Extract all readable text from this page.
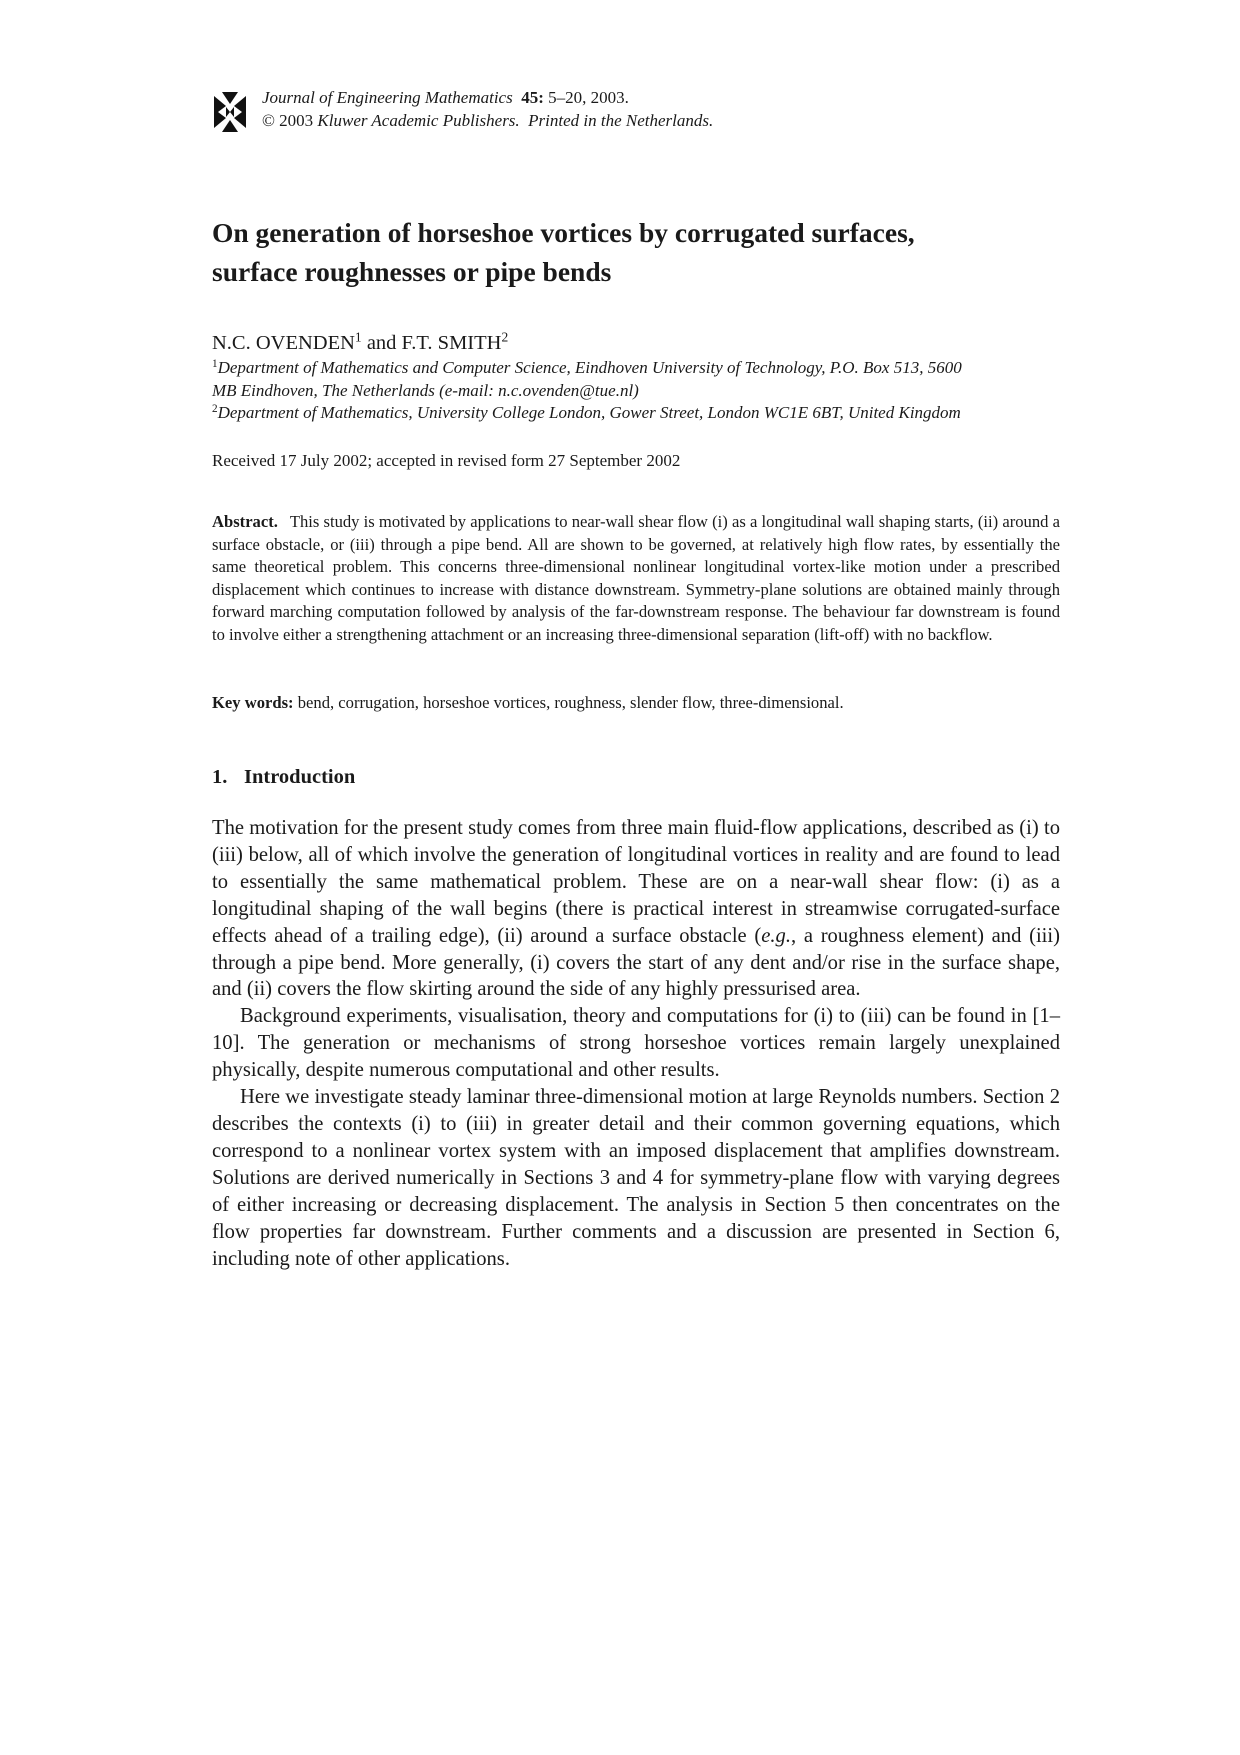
Journal of Engineering Mathematics 45: 5–20, 2003.
© 2003 Kluwer Academic Publishers. Printed in the Netherlands.
On generation of horseshoe vortices by corrugated surfaces,
surface roughnesses or pipe bends
N.C. OVENDEN$^1$ and F.T. SMITH$^2$
$^1$Department of Mathematics and Computer Science, Eindhoven University of Technology, P.O. Box 513, 5600
MB Eindhoven, The Netherlands (e-mail: n.c.ovenden@tue.nl)
$^2$Department of Mathematics, University College London, Gower Street, London WC1E 6BT, United Kingdom
Received 17 July 2002; accepted in revised form 27 September 2002

Abstract. This study is motivated by applications to near-wall shear flow (i) as a longitudinal wall shaping starts, (ii) around a surface obstacle, or (iii) through a pipe bend. All are shown to be governed, at relatively high flow rates, by essentially the same theoretical problem. This concerns three-dimensional nonlinear longitudinal vortex-like motion under a prescribed displacement which continues to increase with distance downstream. Symmetry-plane solutions are obtained mainly through forward marching computation followed by analysis of the far-downstream response. The behaviour far downstream is found to involve either a strengthening attachment or an increasing three-dimensional separation (lift-off) with no backflow.

Key words: bend, corrugation, horseshoe vortices, roughness, slender flow, three-dimensional.
1. Introduction

The motivation for the present study comes from three main fluid-flow applications, described as (i) to (iii) below, all of which involve the generation of longitudinal vortices in reality and are found to lead to essentially the same mathematical problem. These are on a near-wall shear flow: (i) as a longitudinal shaping of the wall begins (there is practical interest in streamwise corrugated-surface effects ahead of a trailing edge), (ii) around a surface obstacle (e.g., a roughness element) and (iii) through a pipe bend. More generally, (i) covers the start of any dent and/or rise in the surface shape, and (ii) covers the flow skirting around the side of any highly pressurised area.

Background experiments, visualisation, theory and computations for (i) to (iii) can be found in [1–10]. The generation or mechanisms of strong horseshoe vortices remain largely unexplained physically, despite numerous computational and other results.

Here we investigate steady laminar three-dimensional motion at large Reynolds numbers. Section 2 describes the contexts (i) to (iii) in greater detail and their common governing equations, which correspond to a nonlinear vortex system with an imposed displacement that amplifies downstream. Solutions are derived numerically in Sections 3 and 4 for symmetry-plane flow with varying degrees of either increasing or decreasing displacement. The analysis in Section 5 then concentrates on the flow properties far downstream. Further comments and a discussion are presented in Section 6, including note of other applications.
